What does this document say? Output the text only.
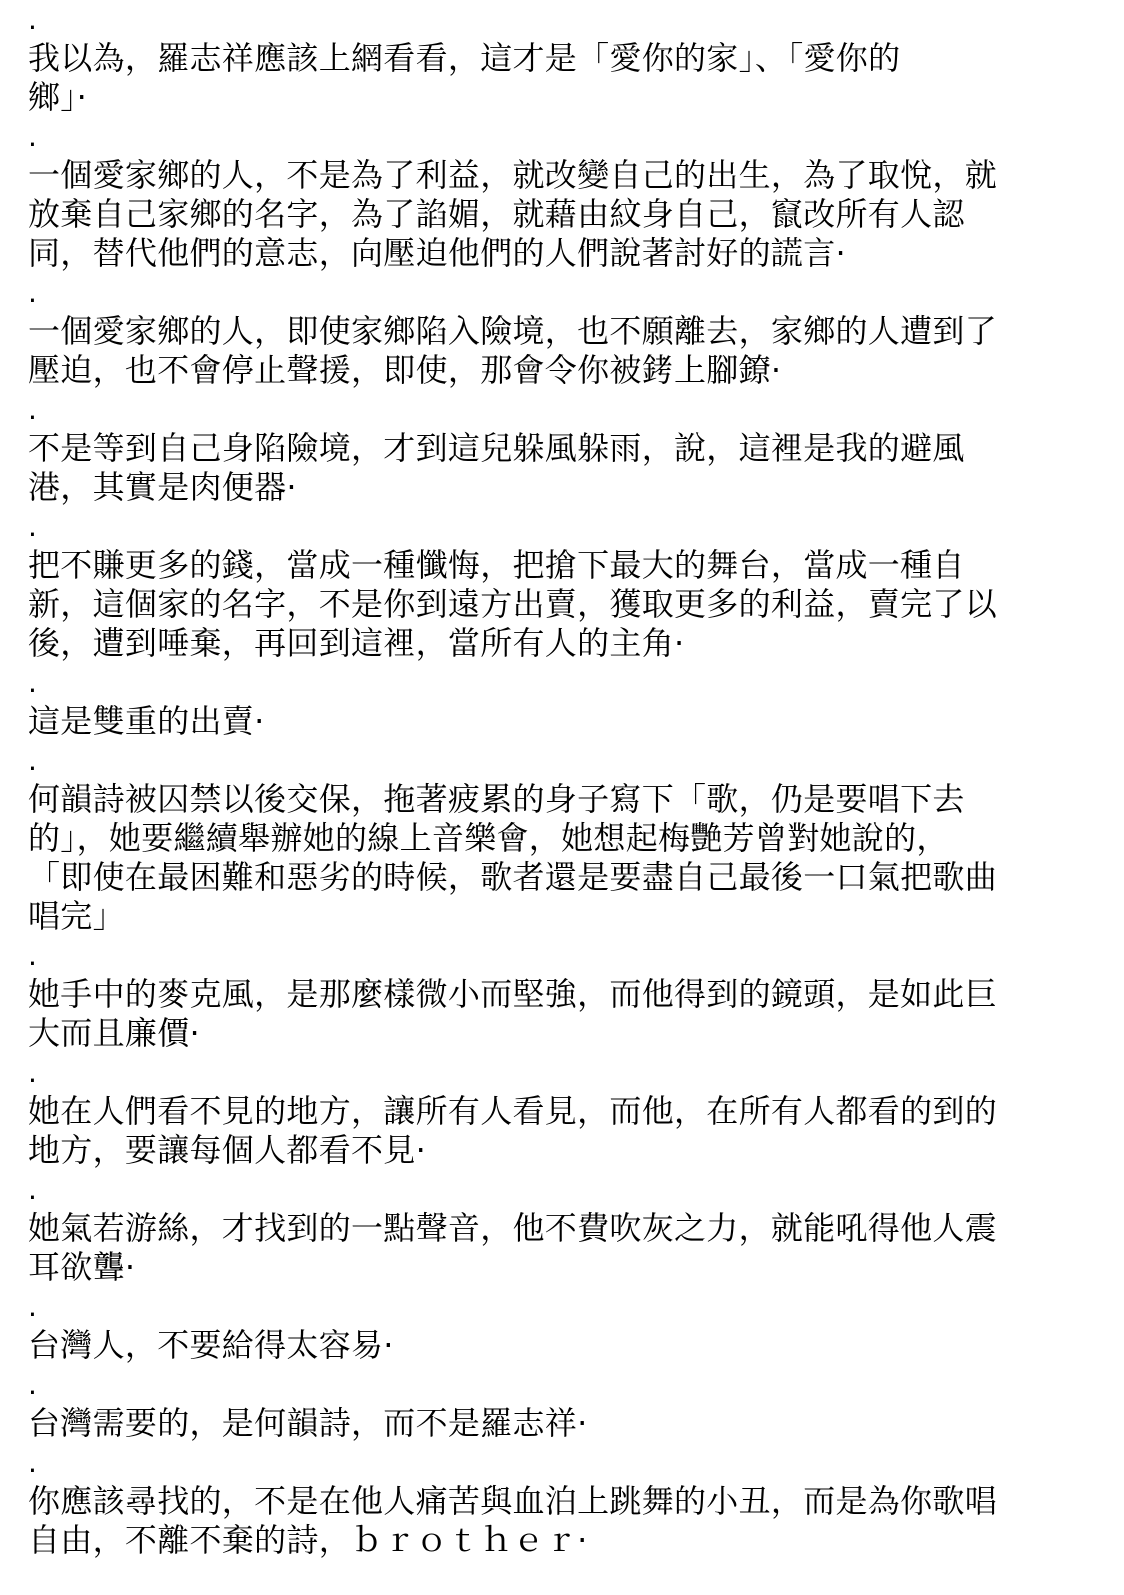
.
我以為，羅志祥應該上網看看，這才是「愛你的家」、「愛你的
鄉」·
.
一個愛家鄉的人，不是為了利益，就改變自己的出生，為了取悅，就
放棄自己家鄉的名字，為了諂媚，就藉由紋身自己，竄改所有人認
同，替代他們的意志，向壓迫他們的人們說著討好的謊言·
.
一個愛家鄉的人，即使家鄉陷入險境，也不願離去，家鄉的人遭到了
壓迫，也不會停止聲援，即使，那會令你被銬上腳鐐·
.
不是等到自己身陷險境，才到這兒躲風躲雨，說，這裡是我的避風
港，其實是肉便器·
.
把不賺更多的錢，當成一種懺悔，把搶下最大的舞台，當成一種自
新，這個家的名字，不是你到遠方出賣，獲取更多的利益，賣完了以
後，遭到唾棄，再回到這裡，當所有人的主角·
.
這是雙重的出賣·
.
何韻詩被囚禁以後交保，拖著疲累的身子寫下「歌，仍是要唱下去
的」，她要繼續舉辦她的線上音樂會，她想起梅艷芳曾對她說的，
「即使在最困難和惡劣的時候，歌者還是要盡自己最後一口氣把歌曲
唱完」
.
她手中的麥克風，是那麼樣微小而堅強，而他得到的鏡頭，是如此巨
大而且廉價·
.
她在人們看不見的地方，讓所有人看見，而他，在所有人都看的到的
地方，要讓每個人都看不見·
.
她氣若游絲，才找到的一點聲音，他不費吹灰之力，就能吼得他人震
耳欲聾·
.
台灣人，不要給得太容易·
.
台灣需要的，是何韻詩，而不是羅志祥·
.
你應該尋找的，不是在他人痛苦與血泊上跳舞的小丑，而是為你歌唱
自由，不離不棄的詩，ｂｒｏｔｈｅｒ·
